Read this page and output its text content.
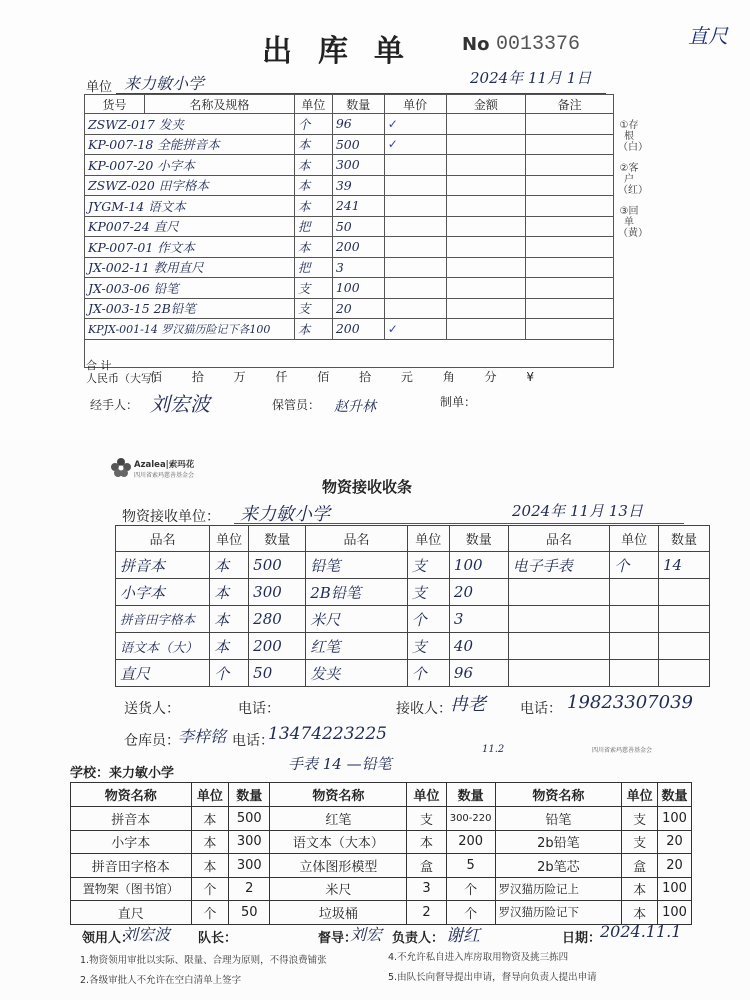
出库单 No 0013376	直尺
单位 来力敏小学	2024年 11月 1日
货号	名称及规格	单位	数量	单价	金额	备注
ZSWZ-017 发夹		个	96	✓		
KP-007-18 全能拼音本		本	500	✓		
KP-007-20 小字本		本	300			
ZSWZ-020 田字格本		本	39			
JYGM-14 语文本		本	241			
KP007-24 直尺		把	50			
KP-007-01 作文本		本	200			
JX-002-11 教用直尺		把	3			
JX-003-06 铅笔		支	100			
JX-003-15 2B铅笔		支	20			
KPJX-001-14 罗汉猫历险记下各100		本	200	✓		

①存根（白）
②客户（红）
③回单（黄）
合 计
人民币（大写）
佰 拾 万 仟 佰 拾 元 角 分 ¥
经手人： 刘宏波	保管员： 赵升林	制单：
Azalea|索玛花
四川省索玛慈善基金会
物资接收收条
物资接收单位： 来力敏小学	2024年 11月 13日
品名	单位	数量	品名	单位	数量	品名	单位	数量
拼音本	本	500	铅笔	支	100	电子手表	个	14
小字本	本	300	2B铅笔	支	20			
拼音田字格本	本	280	米尺	个	3			
语文本（大）	本	200	红笔	支	40			
直尺	个	50	发夹	个	96			
送货人：	电话：	接收人：
冉老 电话： 19823307039
仓库员：
李梓铭 电话：
13474223225
学校：来力敏小学
手表 14 —铅笔
11.2	四川省索玛慈善基金会
物资名称	单位	数量	物资名称	单位	数量	物资名称	单位	数量
拼音本	本	500	红笔	支	300-220	铅笔	支	100
小字本	本	300	语文本（大本）	本	200	2b铅笔	支	20
拼音田字格本	本	300	立体图形模型	盒	5	2b笔芯	盒	20
置物架（图书馆）	个	2	米尺	3	个	罗汉猫历险记上	本	100
直尺	个	50	垃圾桶	2	个	罗汉猫历险记下	本	100
领用人：	队长：
刘宏波	督导：
刘宏 负责人： 谢红	日期：
2024.11.1
1.物资领用审批以实际、限量、合理为原则，不得浪费铺张
2.各级审批人不允许在空白清单上签字
4.不允许私自进入库房取用物资及挑三拣四
5.由队长向督导提出申请，督导向负责人提出申请
